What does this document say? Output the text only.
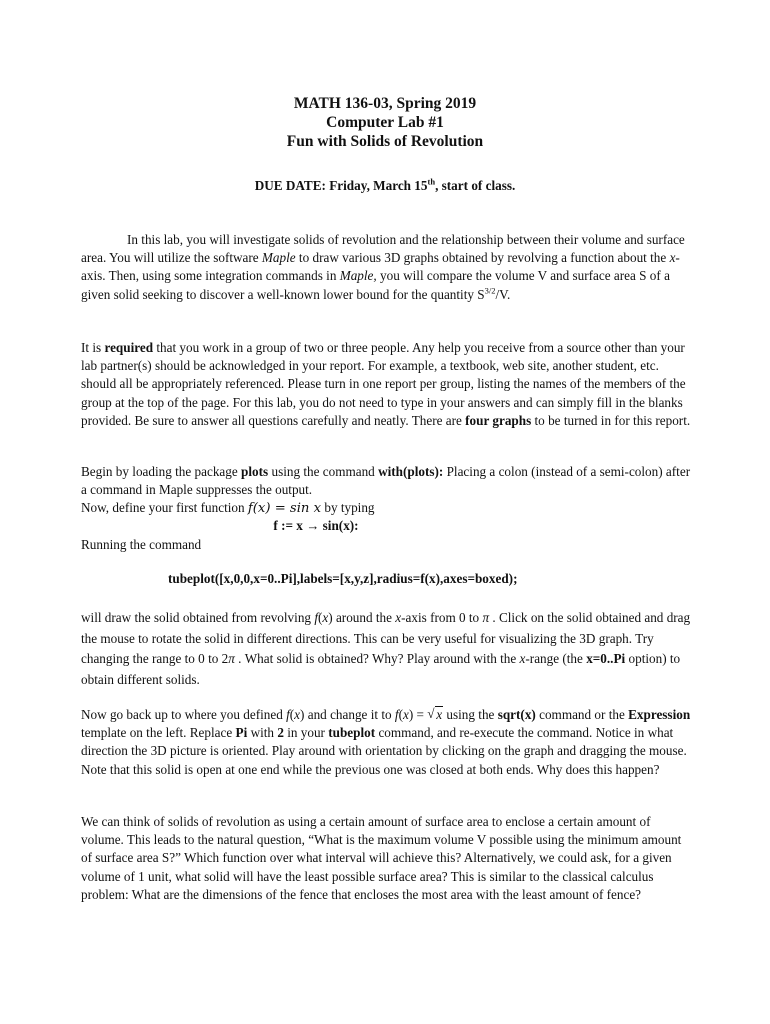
MATH 136-03, Spring 2019
Computer Lab #1
Fun with Solids of Revolution
DUE DATE: Friday, March 15th, start of class.
In this lab, you will investigate solids of revolution and the relationship between their volume and surface area. You will utilize the software Maple to draw various 3D graphs obtained by revolving a function about the x-axis. Then, using some integration commands in Maple, you will compare the volume V and surface area S of a given solid seeking to discover a well-known lower bound for the quantity $S^{3/2}/V$.
It is required that you work in a group of two or three people. Any help you receive from a source other than your lab partner(s) should be acknowledged in your report. For example, a textbook, web site, another student, etc. should all be appropriately referenced. Please turn in one report per group, listing the names of the members of the group at the top of the page. For this lab, you do not need to type in your answers and can simply fill in the blanks provided. Be sure to answer all questions carefully and neatly. There are four graphs to be turned in for this report.
Begin by loading the package plots using the command with(plots): Placing a colon (instead of a semi-colon) after a command in Maple suppresses the output.
Now, define your first function f(x) = sin x by typing
f := x → sin(x):
Running the command
tubeplot([x,0,0,x=0..Pi],labels=[x,y,z],radius=f(x),axes=boxed);
will draw the solid obtained from revolving f(x) around the x-axis from 0 to π . Click on the solid obtained and drag the mouse to rotate the solid in different directions. This can be very useful for visualizing the 3D graph. Try changing the range to 0 to 2π . What solid is obtained? Why? Play around with the x-range (the x=0..Pi option) to obtain different solids.
Now go back up to where you defined f(x) and change it to f(x) = √ x using the sqrt(x) command or the Expression template on the left. Replace Pi with 2 in your tubeplot command, and re-execute the command. Notice in what direction the 3D picture is oriented. Play around with orientation by clicking on the graph and dragging the mouse. Note that this solid is open at one end while the previous one was closed at both ends. Why does this happen?
We can think of solids of revolution as using a certain amount of surface area to enclose a certain amount of volume. This leads to the natural question, “What is the maximum volume V possible using the minimum amount of surface area S?” Which function over what interval will achieve this? Alternatively, we could ask, for a given volume of 1 unit, what solid will have the least possible surface area? This is similar to the classical calculus problem: What are the dimensions of the fence that encloses the most area with the least amount of fence?
